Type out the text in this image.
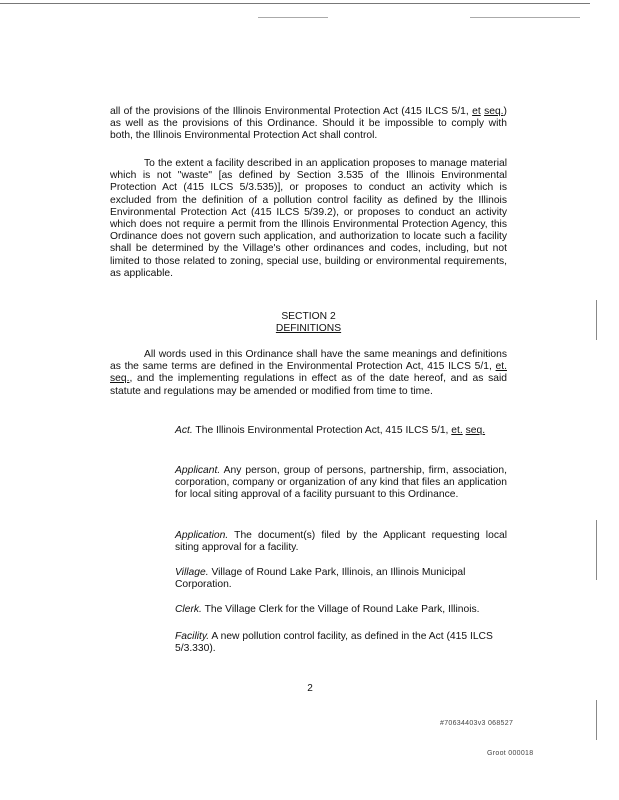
all of the provisions of the Illinois Environmental Protection Act (415 ILCS 5/1, et seq.) as well as the provisions of this Ordinance. Should it be impossible to comply with both, the Illinois Environmental Protection Act shall control.

To the extent a facility described in an application proposes to manage material which is not "waste" [as defined by Section 3.535 of the Illinois Environmental Protection Act (415 ILCS 5/3.535)], or proposes to conduct an activity which is excluded from the definition of a pollution control facility as defined by the Illinois Environmental Protection Act (415 ILCS 5/39.2), or proposes to conduct an activity which does not require a permit from the Illinois Environmental Protection Agency, this Ordinance does not govern such application, and authorization to locate such a facility shall be determined by the Village's other ordinances and codes, including, but not limited to those related to zoning, special use, building or environmental requirements, as applicable.

SECTION 2
DEFINITIONS

All words used in this Ordinance shall have the same meanings and definitions as the same terms are defined in the Environmental Protection Act, 415 ILCS 5/1, et. seq., and the implementing regulations in effect as of the date hereof, and as said statute and regulations may be amended or modified from time to time.

Act. The Illinois Environmental Protection Act, 415 ILCS 5/1, et. seq.

Applicant. Any person, group of persons, partnership, firm, association, corporation, company or organization of any kind that files an application for local siting approval of a facility pursuant to this Ordinance.

Application. The document(s) filed by the Applicant requesting local siting approval for a facility.

Village. Village of Round Lake Park, Illinois, an Illinois Municipal Corporation.

Clerk. The Village Clerk for the Village of Round Lake Park, Illinois.

Facility. A new pollution control facility, as defined in the Act (415 ILCS 5/3.330).

2
#70634403v3 068527
Groot 000018
